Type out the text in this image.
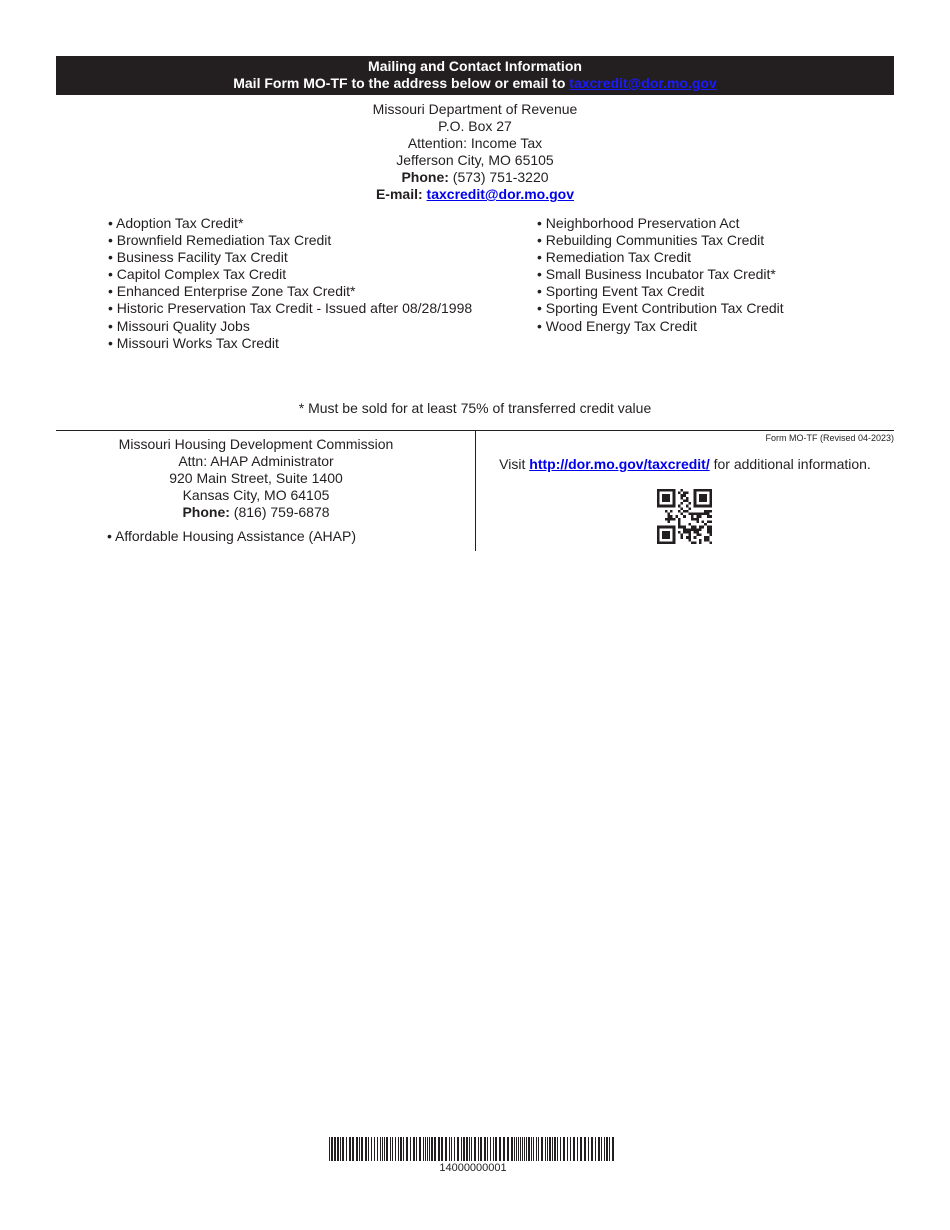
Mailing and Contact Information
Mail Form MO-TF to the address below or email to taxcredit@dor.mo.gov
Missouri Department of Revenue
P.O. Box 27
Attention: Income Tax
Jefferson City, MO 65105
Phone: (573) 751-3220
E-mail: taxcredit@dor.mo.gov
• Adoption Tax Credit*
• Brownfield Remediation Tax Credit
• Business Facility Tax Credit
• Capitol Complex Tax Credit
• Enhanced Enterprise Zone Tax Credit*
• Historic Preservation Tax Credit - Issued after 08/28/1998
• Missouri Quality Jobs
• Missouri Works Tax Credit
• Neighborhood Preservation Act
• Rebuilding Communities Tax Credit
• Remediation Tax Credit
• Small Business Incubator Tax Credit*
• Sporting Event Tax Credit
• Sporting Event Contribution Tax Credit
• Wood Energy Tax Credit
* Must be sold for at least 75% of transferred credit value
Missouri Housing Development Commission
Attn: AHAP Administrator
920 Main Street, Suite 1400
Kansas City, MO 64105
Phone: (816) 759-6878
• Affordable Housing Assistance (AHAP)
Form MO-TF (Revised 04-2023)
Visit http://dor.mo.gov/taxcredit/ for additional information.
14000000001
